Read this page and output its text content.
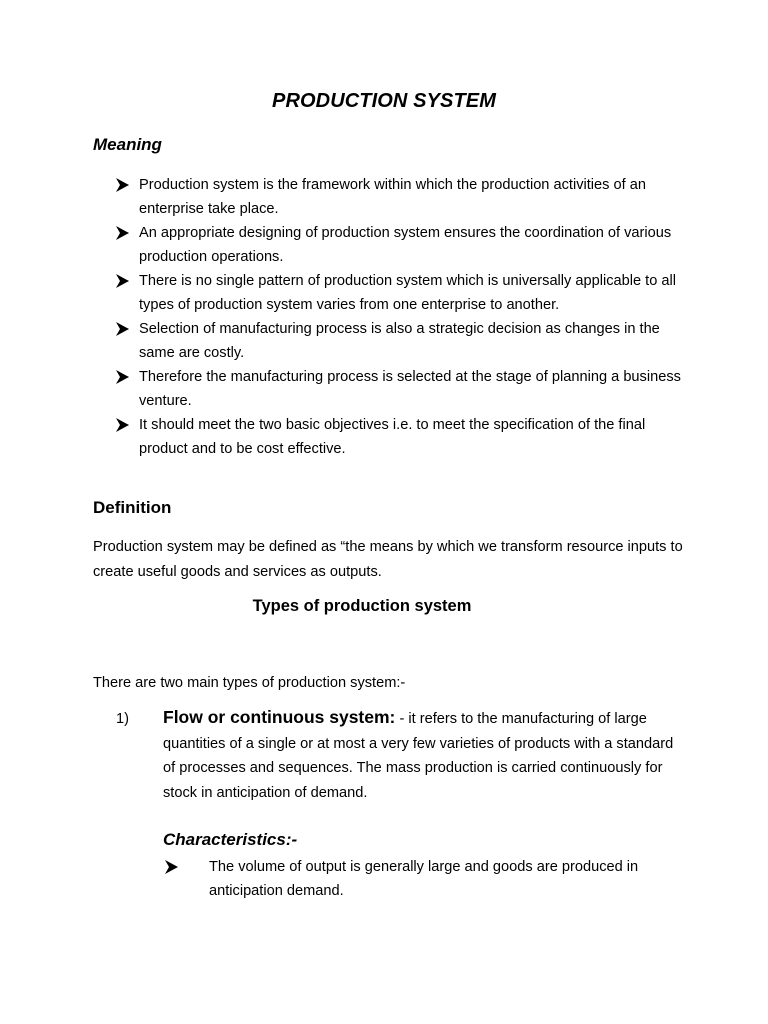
PRODUCTION SYSTEM
Meaning
Production system is the framework within which the production activities of an enterprise take place.
An appropriate designing of production system ensures the coordination of various production operations.
There is no single pattern of production system which is universally applicable to all types of production system varies from one enterprise to another.
Selection of manufacturing process is also a strategic decision as changes in the same are costly.
Therefore the manufacturing process is selected at the stage of planning a business venture.
It should meet the two basic objectives i.e. to meet the specification of the final product and to be cost effective.
Definition
Production system may be defined as “the means by which we transform resource inputs to create useful goods and services as outputs.
Types of production system
There are two main types of production system:-
1) Flow or continuous system: - it refers to the manufacturing of large quantities of a single or at most a very few varieties of products with a standard of processes and sequences. The mass production is carried continuously for stock in anticipation of demand.
Characteristics:-
The volume of output is generally large and goods are produced in anticipation demand.
